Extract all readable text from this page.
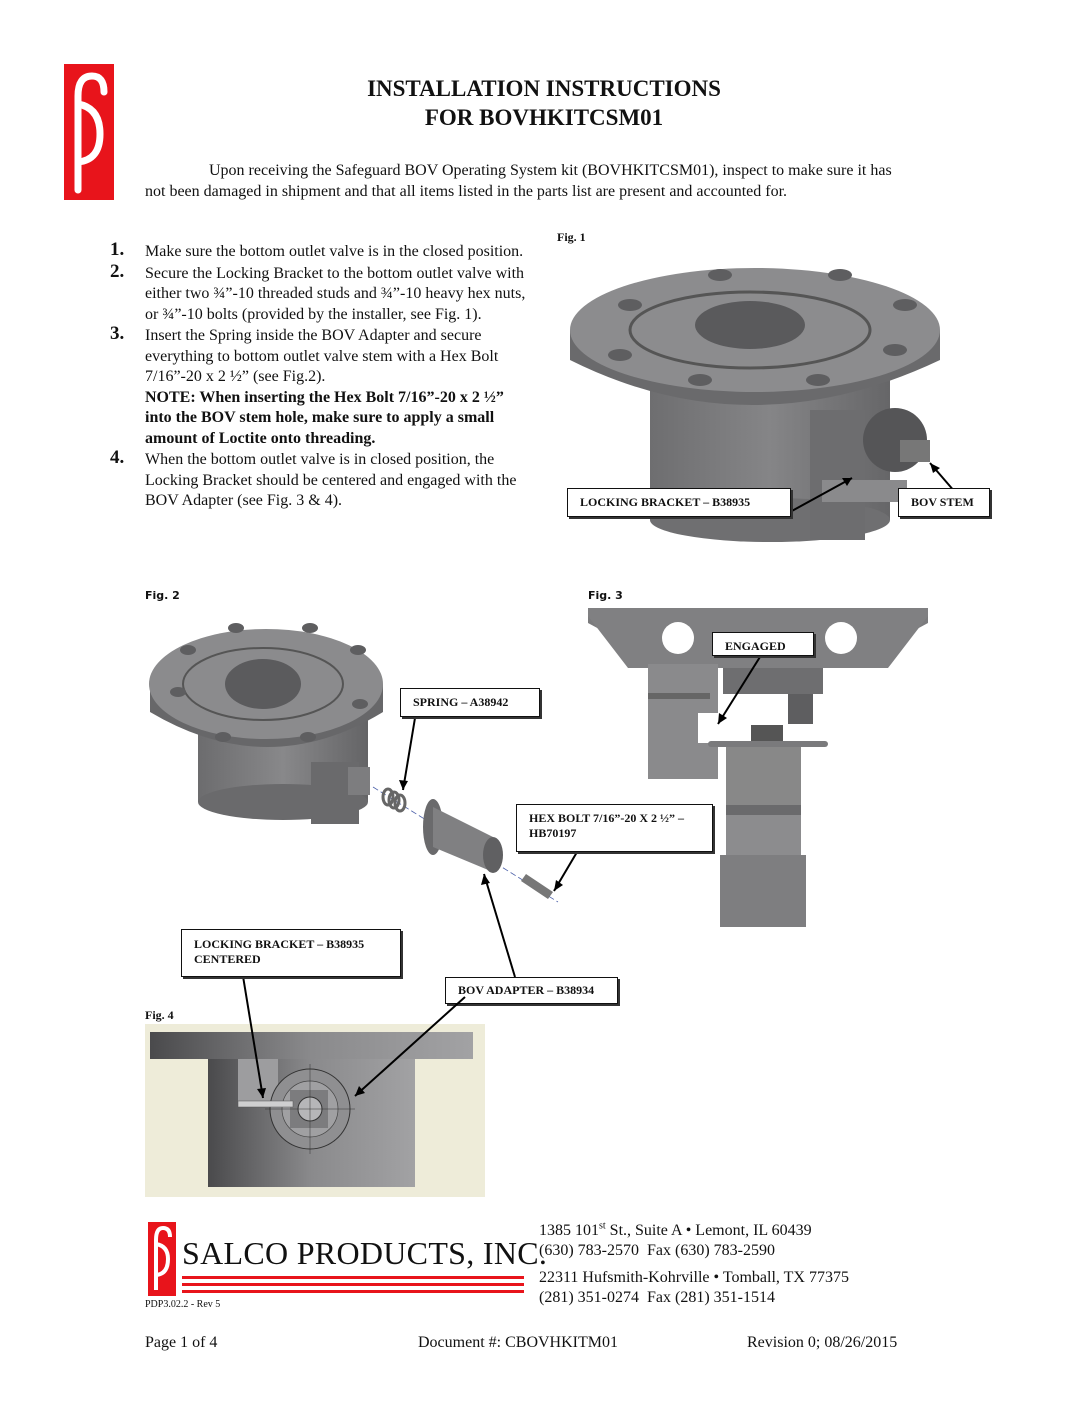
INSTALLATION INSTRUCTIONS
FOR BOVHKITCSM01
Upon receiving the Safeguard BOV Operating System kit (BOVHKITCSM01), inspect to make sure it has not been damaged in shipment and that all items listed in the parts list are present and accounted for.
1. Make sure the bottom outlet valve is in the closed position.
2. Secure the Locking Bracket to the bottom outlet valve with either two ¾”-10 threaded studs and ¾”-10 heavy hex nuts, or ¾”-10 bolts (provided by the installer, see Fig. 1).
3. Insert the Spring inside the BOV Adapter and secure everything to bottom outlet valve stem with a Hex Bolt 7/16”-20 x 2 ½” (see Fig.2).
NOTE: When inserting the Hex Bolt 7/16”-20 x 2 ½” into the BOV stem hole, make sure to apply a small amount of Loctite onto threading.
4. When the bottom outlet valve is in closed position, the Locking Bracket should be centered and engaged with the BOV Adapter (see Fig. 3 & 4).
Fig. 1
LOCKING BRACKET – B38935	BOV STEM
Fig. 2
SPRING – A38942
HEX BOLT 7/16”-20 X 2 ½” –
HB70197
BOV ADAPTER – B38934
Fig. 3
ENGAGED
Fig. 4
LOCKING BRACKET – B38935
CENTERED
SALCO PRODUCTS, INC.
PDP3.02.2 - Rev 5
1385 101st St., Suite A • Lemont, IL 60439
(630) 783-2570  Fax (630) 783-2590
22311 Hufsmith-Kohrville • Tomball, TX 77375
(281) 351-0274  Fax (281) 351-1514
Page 1 of 4	Document #: CBOVHKITM01	Revision 0; 08/26/2015
